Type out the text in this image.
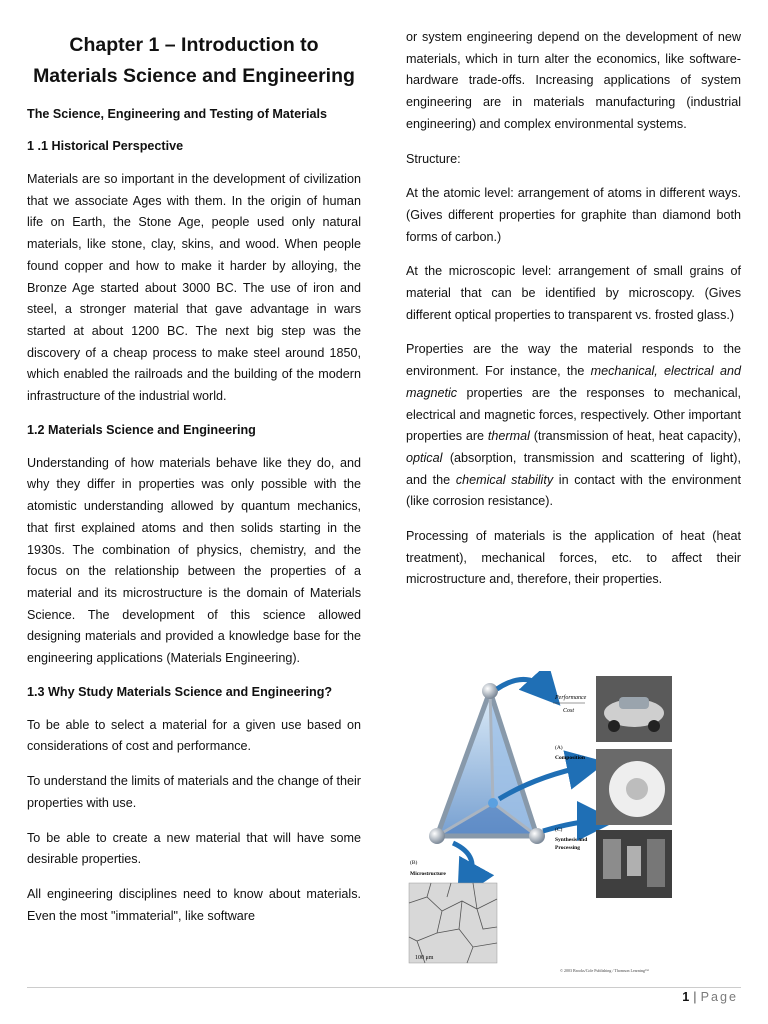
Chapter 1 – Introduction to
Materials Science and Engineering
The Science, Engineering and Testing of Materials
1 .1 Historical Perspective

Materials are so important in the development of civilization that we associate Ages with them. In the origin of human life on Earth, the Stone Age, people used only natural materials, like stone, clay, skins, and wood. When people found copper and how to make it harder by alloying, the Bronze Age started about 3000 BC. The use of iron and steel, a stronger material that gave advantage in wars started at about 1200 BC. The next big step was the discovery of a cheap process to make steel around 1850, which enabled the railroads and the building of the modern infrastructure of the industrial world.

1.2 Materials Science and Engineering

Understanding of how materials behave like they do, and why they differ in properties was only possible with the atomistic understanding allowed by quantum mechanics, that first explained atoms and then solids starting in the 1930s. The combination of physics, chemistry, and the focus on the relationship between the properties of a material and its microstructure is the domain of Materials Science. The development of this science allowed designing materials and provided a knowledge base for the engineering applications (Materials Engineering).

1.3 Why Study Materials Science and Engineering?

To be able to select a material for a given use based on considerations of cost and performance.

To understand the limits of materials and the change of their properties with use.

To be able to create a new material that will have some desirable properties.

All engineering disciplines need to know about materials. Even the most "immaterial", like software

or system engineering depend on the development of new materials, which in turn alter the economics, like software-hardware trade-offs. Increasing applications of system engineering are in materials manufacturing (industrial engineering) and complex environmental systems.

Structure:

At the atomic level: arrangement of atoms in different ways. (Gives different properties for graphite than diamond both forms of carbon.)

At the microscopic level: arrangement of small grains of material that can be identified by microscopy. (Gives different optical properties to transparent vs. frosted glass.)

Properties are the way the material responds to the environment. For instance, the mechanical, electrical and magnetic properties are the responses to mechanical, electrical and magnetic forces, respectively. Other important properties are thermal (transmission of heat, heat capacity), optical (absorption, transmission and scattering of light), and the chemical stability in contact with the environment (like corrosion resistance).

Processing of materials is the application of heat (heat treatment), mechanical forces, etc. to affect their microstructure and, therefore, their properties.

Performance
Cost
(A)
Composition
(C)
Synthesis and
Processing
(B)
Microstructure
100 μm
© 2003 Brooks/Cole Publishing / Thomson Learning™
1 | Page
